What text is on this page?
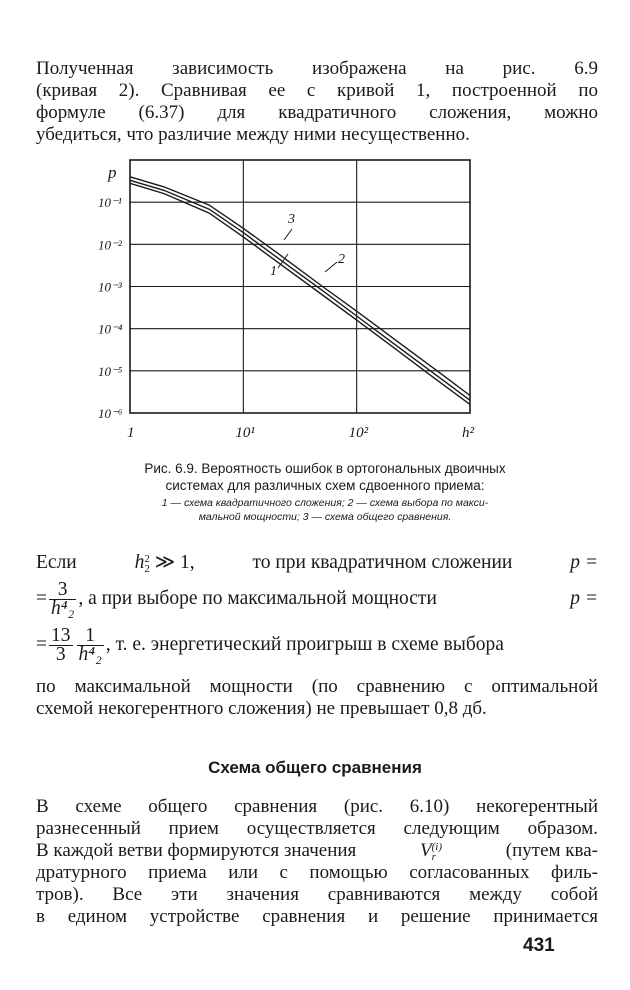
Полученная зависимость изображена на рис. 6.9
(кривая 2). Сравнивая ее с кривой 1, построенной по
формуле (6.37) для квадратичного сложения, можно
убедиться, что различие между ними несущественно.
p
10⁻¹
10⁻²
10⁻³
10⁻⁴
10⁻⁵
10⁻⁶
1	10¹	10²	h²
1
2
3
Рис. 6.9. Вероятность ошибок в ортогональных двоичных
системах для различных схем сдвоенного приема:
1 — схема квадратичного сложения; 2 — схема выбора по макси-
мальной мощности; 3 — схема общего сравнения.
Если	h 2
2 ≫ 1,	то при квадратичном сложении	p =
= $\frac{3}{\text{h⁴₂}}$ , а при выборе по максимальной мощности	p =
= $\frac{13}{3} \frac{1}{\text{h⁴₂}}$ , т. е. энергетический проигрыш в схеме выбора
по максимальной мощности (по сравнению с оптимальной
схемой некогерентного сложения) не превышает 0,8 дб.
Схема общего сравнения
В схеме общего сравнения (рис. 6.10) некогерентный
разнесенный прием осуществляется следующим образом.
В каждой ветви формируются значения	V (i)
r	(путем ква-
дратурного приема или с помощью согласованных филь-
тров). Все эти значения сравниваются между собой
в едином устройстве сравнения и решение принимается
431
